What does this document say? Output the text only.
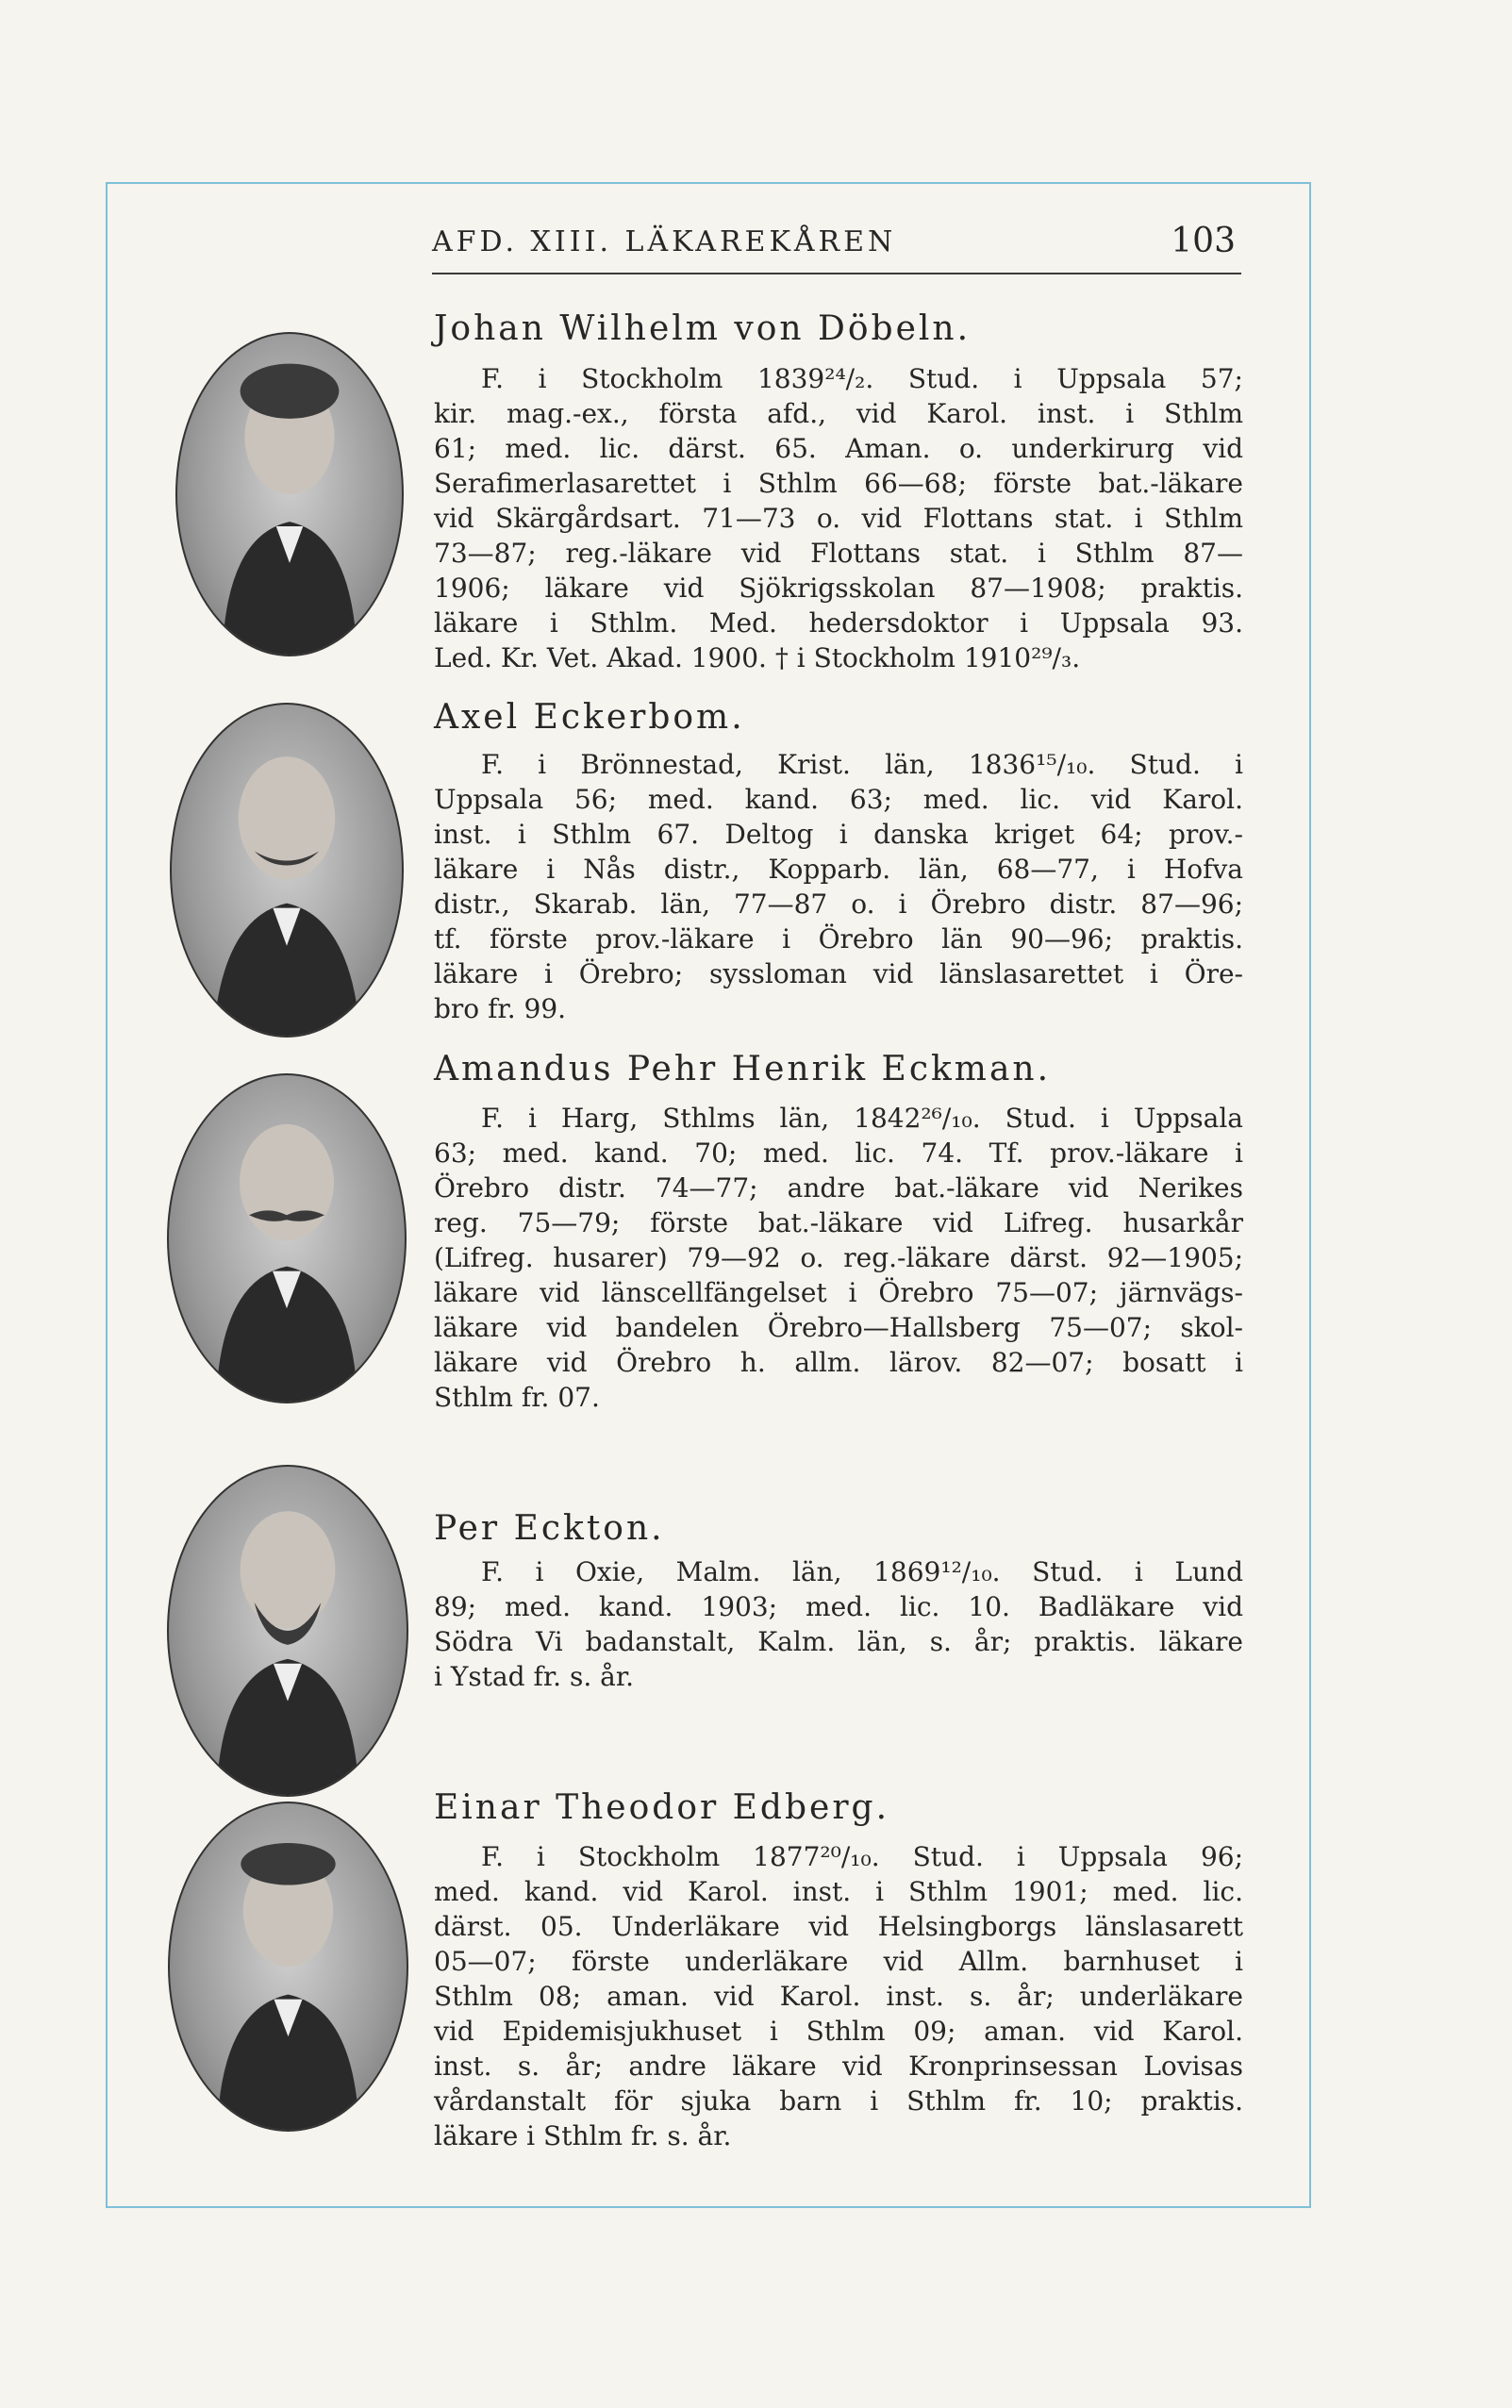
AFD. XIII. LÄKAREKÅREN	103
Johan Wilhelm von Döbeln.
F. i Stockholm 1839²⁴/₂. Stud. i Uppsala 57;
kir. mag.-ex., första afd., vid Karol. inst. i Sthlm
61; med. lic. därst. 65. Aman. o. underkirurg vid
Serafimerlasarettet i Sthlm 66—68; förste bat.-läkare
vid Skärgårdsart. 71—73 o. vid Flottans stat. i Sthlm
73—87; reg.-läkare vid Flottans stat. i Sthlm 87—
1906; läkare vid Sjökrigsskolan 87—1908; praktis.
läkare i Sthlm. Med. hedersdoktor i Uppsala 93.
Led. Kr. Vet. Akad. 1900. † i Stockholm 1910²⁹/₃.
Axel Eckerbom.
F. i Brönnestad, Krist. län, 1836¹⁵/₁₀. Stud. i
Uppsala 56; med. kand. 63; med. lic. vid Karol.
inst. i Sthlm 67. Deltog i danska kriget 64; prov.-
läkare i Nås distr., Kopparb. län, 68—77, i Hofva
distr., Skarab. län, 77—87 o. i Örebro distr. 87—96;
tf. förste prov.-läkare i Örebro län 90—96; praktis.
läkare i Örebro; syssloman vid länslasarettet i Öre-
bro fr. 99.
Amandus Pehr Henrik Eckman.
F. i Harg, Sthlms län, 1842²⁶/₁₀. Stud. i Uppsala
63; med. kand. 70; med. lic. 74. Tf. prov.-läkare i
Örebro distr. 74—77; andre bat.-läkare vid Nerikes
reg. 75—79; förste bat.-läkare vid Lifreg. husarkår
(Lifreg. husarer) 79—92 o. reg.-läkare därst. 92—1905;
läkare vid länscellfängelset i Örebro 75—07; järnvägs-
läkare vid bandelen Örebro—Hallsberg 75—07; skol-
läkare vid Örebro h. allm. lärov. 82—07; bosatt i
Sthlm fr. 07.
Per Eckton.
F. i Oxie, Malm. län, 1869¹²/₁₀. Stud. i Lund
89; med. kand. 1903; med. lic. 10. Badläkare vid
Södra Vi badanstalt, Kalm. län, s. år; praktis. läkare
i Ystad fr. s. år.
Einar Theodor Edberg.
F. i Stockholm 1877²⁰/₁₀. Stud. i Uppsala 96;
med. kand. vid Karol. inst. i Sthlm 1901; med. lic.
därst. 05. Underläkare vid Helsingborgs länslasarett
05—07; förste underläkare vid Allm. barnhuset i
Sthlm 08; aman. vid Karol. inst. s. år; underläkare
vid Epidemisjukhuset i Sthlm 09; aman. vid Karol.
inst. s. år; andre läkare vid Kronprinsessan Lovisas
vårdanstalt för sjuka barn i Sthlm fr. 10; praktis.
läkare i Sthlm fr. s. år.
